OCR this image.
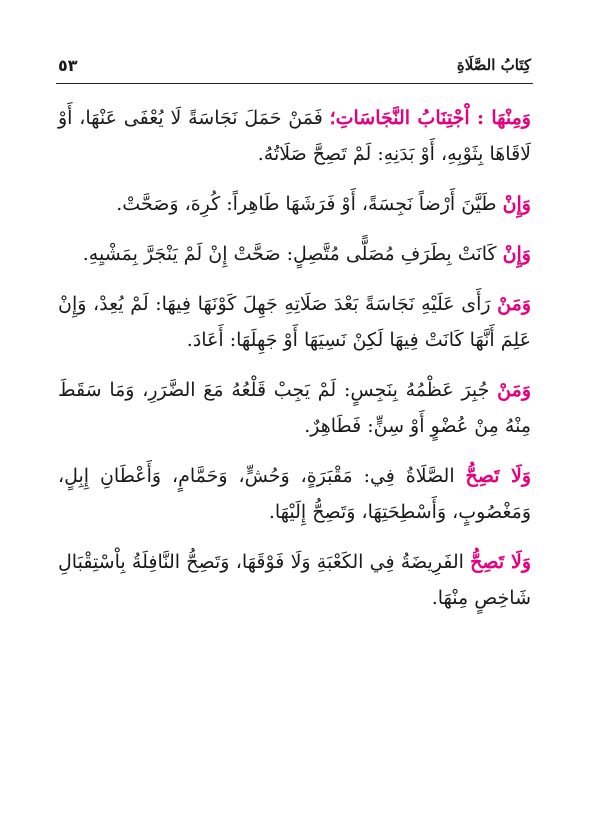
٥٣	كِتَابُ الصَّلَاةِ

وَمِنْهَا : اْجْتِنَابُ النَّجَاسَاتِ؛ فَمَنْ حَمَلَ نَجَاسَةً لَا يُعْفَى عَنْهَا، أَوْ لَاقَاهَا بِثَوْبِهِ، أَوْ بَدَنِهِ: لَمْ تَصِحَّ صَلَاتُهُ.

وَإِنْ طَيَّنَ أَرْضاً نَجِسَةً، أَوْ فَرَشَهَا طَاهِراً: كُرِهَ، وَصَحَّتْ.

وَإِنْ كَانَتْ بِطَرَفِ مُصَلًّى مُتَّصِلٍ: صَحَّتْ إِنْ لَمْ يَنْجَرَّ بِمَشْيِهِ.

وَمَنْ رَأَى عَلَيْهِ نَجَاسَةً بَعْدَ صَلَاتِهِ جَهِلَ كَوْنَهَا فِيهَا: لَمْ يُعِدْ، وَإِنْ عَلِمَ أَنَّهَا كَانَتْ فِيهَا لَكِنْ نَسِيَهَا أَوْ جَهِلَهَا: أَعَادَ.

وَمَنْ جُبِرَ عَظْمُهُ بِنَجِسٍ: لَمْ يَجِبْ قَلْعُهُ مَعَ الضَّرَرِ، وَمَا سَقَطَ مِنْهُ مِنْ عُضْوٍ أَوْ سِنٍّ: فَطَاهِرٌ.

وَلَا تَصِحُّ الصَّلَاةُ فِي: مَقْبَرَةٍ، وَحُشٍّ، وَحَمَّامٍ، وَأَعْطَانِ إِبِلٍ، وَمَغْصُوبٍ، وَأَسْطِحَتِهَا، وَتَصِحُّ إِلَيْهَا.

وَلَا تَصِحُّ الفَرِيضَةُ فِي الكَعْبَةِ وَلَا فَوْقَهَا، وَتَصِحُّ النَّافِلَةُ بِاْسْتِقْبَالِ شَاخِصٍ مِنْهَا.
